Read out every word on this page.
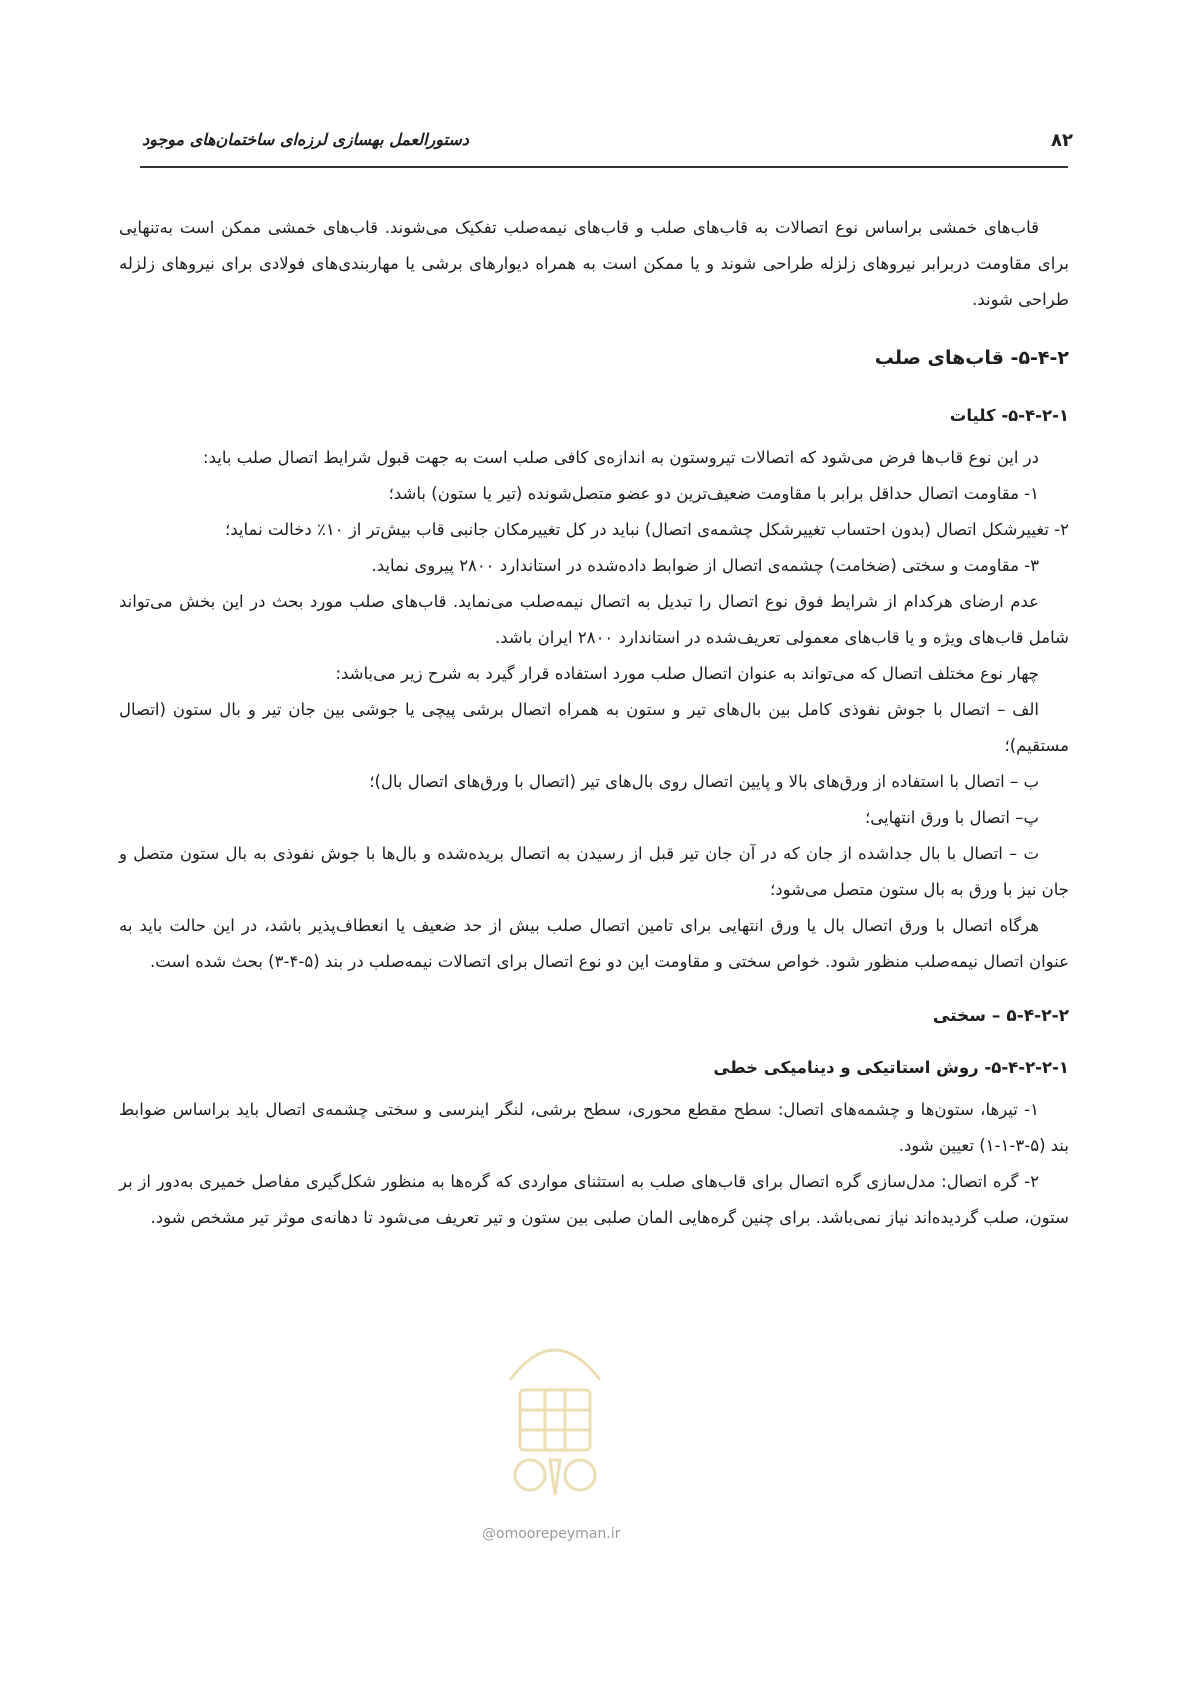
۸۲
دستورالعمل بهسازی لرزه‌ای ساختمان‌های موجود

قاب‌های خمشی براساس نوع اتصالات به قاب‌های صلب و قاب‌های نیمه‌صلب تفکیک می‌شوند. قاب‌های خمشی ممکن است به‌تنهایی برای مقاومت دربرابر نیروهای زلزله طراحی شوند و یا ممکن است به همراه دیوارهای برشی یا مهاربندی‌های فولادی برای نیروهای زلزله طراحی شوند.

۵-۴-۲- قاب‌های صلب

۵-۴-۲-۱- کلیات

در این نوع قاب‌ها فرض می‌شود که اتصالات تیروستون به اندازه‌ی کافی صلب است به جهت قبول شرایط اتصال صلب باید:

۱- مقاومت اتصال حداقل برابر با مقاومت ضعیف‌ترین دو عضو متصل‌شونده (تیر یا ستون) باشد؛

۲- تغییرشکل اتصال (بدون احتساب تغییرشکل چشمه‌ی اتصال) نباید در کل تغییرمکان جانبی قاب بیش‌تر از ۱۰٪ دخالت نماید؛

۳- مقاومت و سختی (ضخامت) چشمه‌ی اتصال از ضوابط داده‌شده در استاندارد ۲۸۰۰ پیروی نماید.

عدم ارضای هرکدام از شرایط فوق نوع اتصال را تبدیل به اتصال نیمه‌صلب می‌نماید. قاب‌های صلب مورد بحث در این بخش می‌تواند شامل قاب‌های ویژه و یا قاب‌های معمولی تعریف‌شده در استاندارد ۲۸۰۰ ایران باشد.

چهار نوع مختلف اتصال که می‌تواند به عنوان اتصال صلب مورد استفاده قرار گیرد به شرح زیر می‌باشد:

الف – اتصال با جوش نفوذی کامل بین بال‌های تیر و ستون به همراه اتصال برشی پیچی یا جوشی بین جان تیر و بال ستون (اتصال مستقیم)؛

ب – اتصال با استفاده از ورق‌های بالا و پایین اتصال روی بال‌های تیر (اتصال با ورق‌های اتصال بال)؛

پ– اتصال با ورق انتهایی؛

ت – اتصال با بال جداشده از جان که در آن جان تیر قبل از رسیدن به اتصال بریده‌شده و بال‌ها با جوش نفوذی به بال ستون متصل و جان نیز با ورق به بال ستون متصل می‌شود؛

هرگاه اتصال با ورق اتصال بال یا ورق انتهایی برای تامین اتصال صلب بیش از حد ضعیف یا انعطاف‌پذیر باشد، در این حالت باید به عنوان اتصال نیمه‌صلب منظور شود. خواص سختی و مقاومت این دو نوع اتصال برای اتصالات نیمه‌صلب در بند (۵-۴-۳) بحث شده است.

۵-۴-۲-۲ – سختی

۵-۴-۲-۲-۱- روش استاتیکی و دینامیکی خطی

۱- تیرها، ستون‌ها و چشمه‌های اتصال: سطح مقطع محوری، سطح برشی، لنگر اینرسی و سختی چشمه‌ی اتصال باید براساس ضوابط بند (۵-۳-۱-۱) تعیین شود.

۲- گره اتصال: مدل‌سازی گره اتصال برای قاب‌های صلب به استثنای مواردی که گره‌ها به منظور شکل‌گیری مفاصل خمیری به‌دور از بر ستون، صلب گردیده‌اند نیاز نمی‌باشد. برای چنین گره‌هایی المان صلبی بین ستون و تیر تعریف می‌شود تا دهانه‌ی موثر تیر مشخص شود.

@omoorepeyman.ir
